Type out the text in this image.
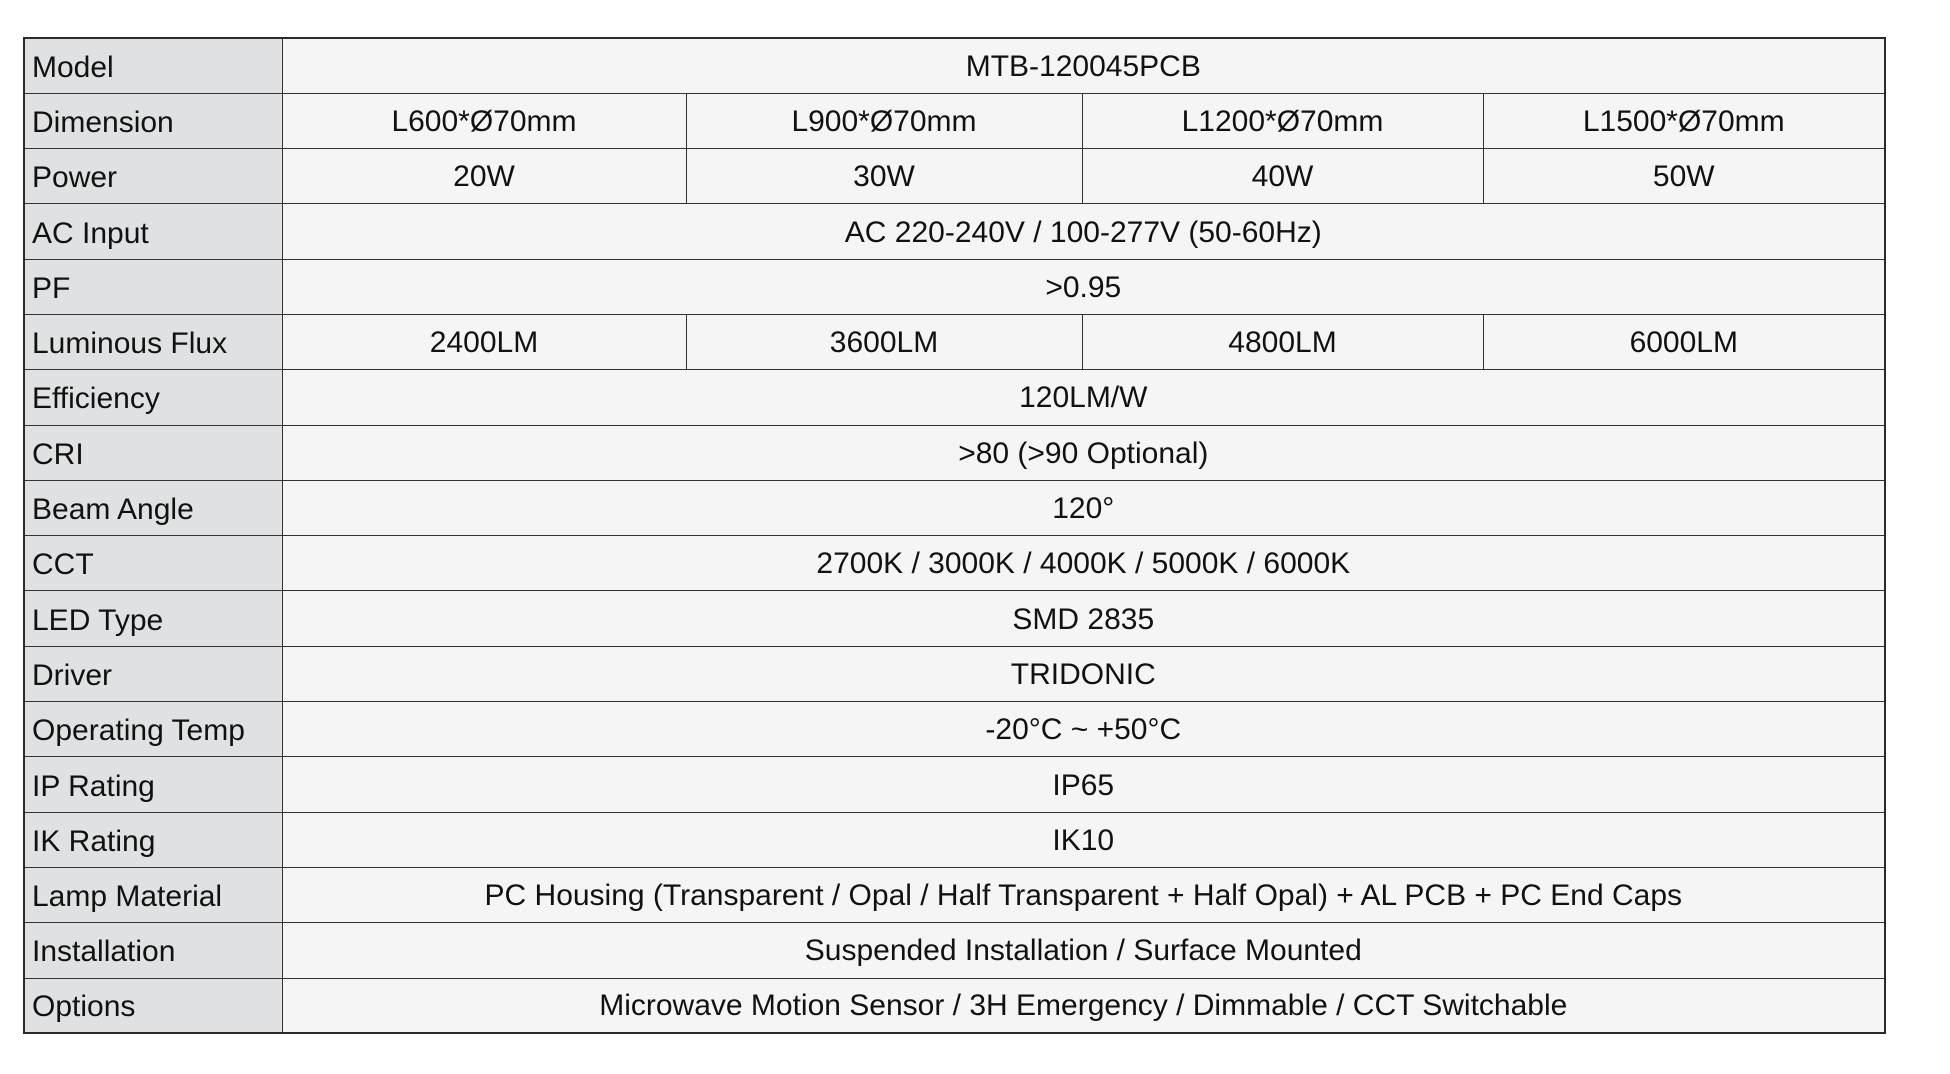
Model	MTB-120045PCB			
Dimension	L600*Ø70mm	L900*Ø70mm	L1200*Ø70mm	L1500*Ø70mm
Power	20W	30W	40W	50W
AC Input	AC 220-240V / 100-277V (50-60Hz)			
PF	>0.95			
Luminous Flux	2400LM	3600LM	4800LM	6000LM
Efficiency	120LM/W			
CRI	>80 (>90 Optional)			
Beam Angle	120°			
CCT	2700K / 3000K / 4000K / 5000K / 6000K			
LED Type	SMD 2835			
Driver	TRIDONIC			
Operating Temp	-20°C ~ +50°C			
IP Rating	IP65			
IK Rating	IK10			
Lamp Material	PC Housing (Transparent / Opal / Half Transparent + Half Opal) + AL PCB + PC End Caps			
Installation	Suspended Installation / Surface Mounted			
Options	Microwave Motion Sensor / 3H Emergency / Dimmable / CCT Switchable			
